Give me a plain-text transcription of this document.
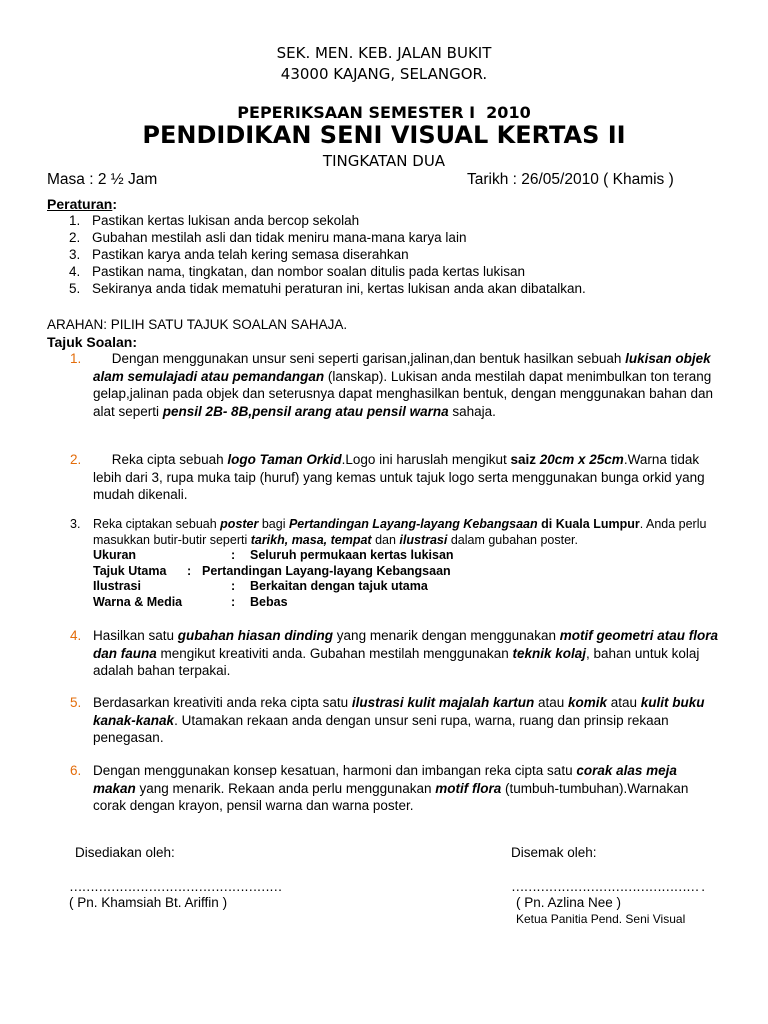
SEK. MEN. KEB. JALAN BUKIT
43000 KAJANG, SELANGOR.
PEPERIKSAAN SEMESTER I  2010
PENDIDIKAN SENI VISUAL KERTAS II
TINGKATAN DUA
Masa : 2 ½ Jam	Tarikh : 26/05/2010 ( Khamis )
Peraturan:
1. Pastikan kertas lukisan anda bercop sekolah
2. Gubahan mestilah asli dan tidak meniru mana-mana karya lain
3. Pastikan karya anda telah kering semasa diserahkan
4. Pastikan nama, tingkatan, dan nombor soalan ditulis pada kertas lukisan
5. Sekiranya anda tidak mematuhi peraturan ini, kertas lukisan anda akan dibatalkan.
ARAHAN: PILIH SATU TAJUK SOALAN SAHAJA.
Tajuk Soalan:
1. Dengan menggunakan unsur seni seperti garisan,jalinan,dan bentuk hasilkan sebuah lukisan objek alam semulajadi atau pemandangan (lanskap). Lukisan anda mestilah dapat menimbulkan ton terang gelap,jalinan pada objek dan seterusnya dapat menghasilkan bentuk, dengan menggunakan bahan dan alat seperti pensil 2B- 8B,pensil arang atau pensil warna sahaja.
2. Reka cipta sebuah logo Taman Orkid.Logo ini haruslah mengikut saiz 20cm x 25cm.Warna tidak lebih dari 3, rupa muka taip (huruf) yang kemas untuk tajuk logo serta menggunakan bunga orkid yang mudah dikenali.
3. Reka ciptakan sebuah poster bagi Pertandingan Layang-layang Kebangsaan di Kuala Lumpur. Anda perlu masukkan butir-butir seperti tarikh, masa, tempat dan ilustrasi dalam gubahan poster.
Ukuran	: Seluruh permukaan kertas lukisan
Tajuk Utama : Pertandingan Layang-layang Kebangsaan
Ilustrasi	: Berkaitan dengan tajuk utama
Warna & Media	: Bebas
4. Hasilkan satu gubahan hiasan dinding yang menarik dengan menggunakan motif geometri atau flora dan fauna mengikut kreativiti anda. Gubahan mestilah menggunakan teknik kolaj, bahan untuk kolaj adalah bahan terpakai.
5. Berdasarkan kreativiti anda reka cipta satu ilustrasi kulit majalah kartun atau komik atau kulit buku kanak-kanak. Utamakan rekaan anda dengan unsur seni rupa, warna, ruang dan prinsip rekaan penegasan.
6. Dengan menggunakan konsep kesatuan, harmoni dan imbangan reka cipta satu corak alas meja makan yang menarik. Rekaan anda perlu menggunakan motif flora (tumbuh-tumbuhan).Warnakan corak dengan krayon, pensil warna dan warna poster.
Disediakan oleh:
……………………………………………
( Pn. Khamsiah Bt. Ariffin )
Disemak oleh:
……………………………………… .
( Pn. Azlina Nee )
Ketua Panitia Pend. Seni Visual
